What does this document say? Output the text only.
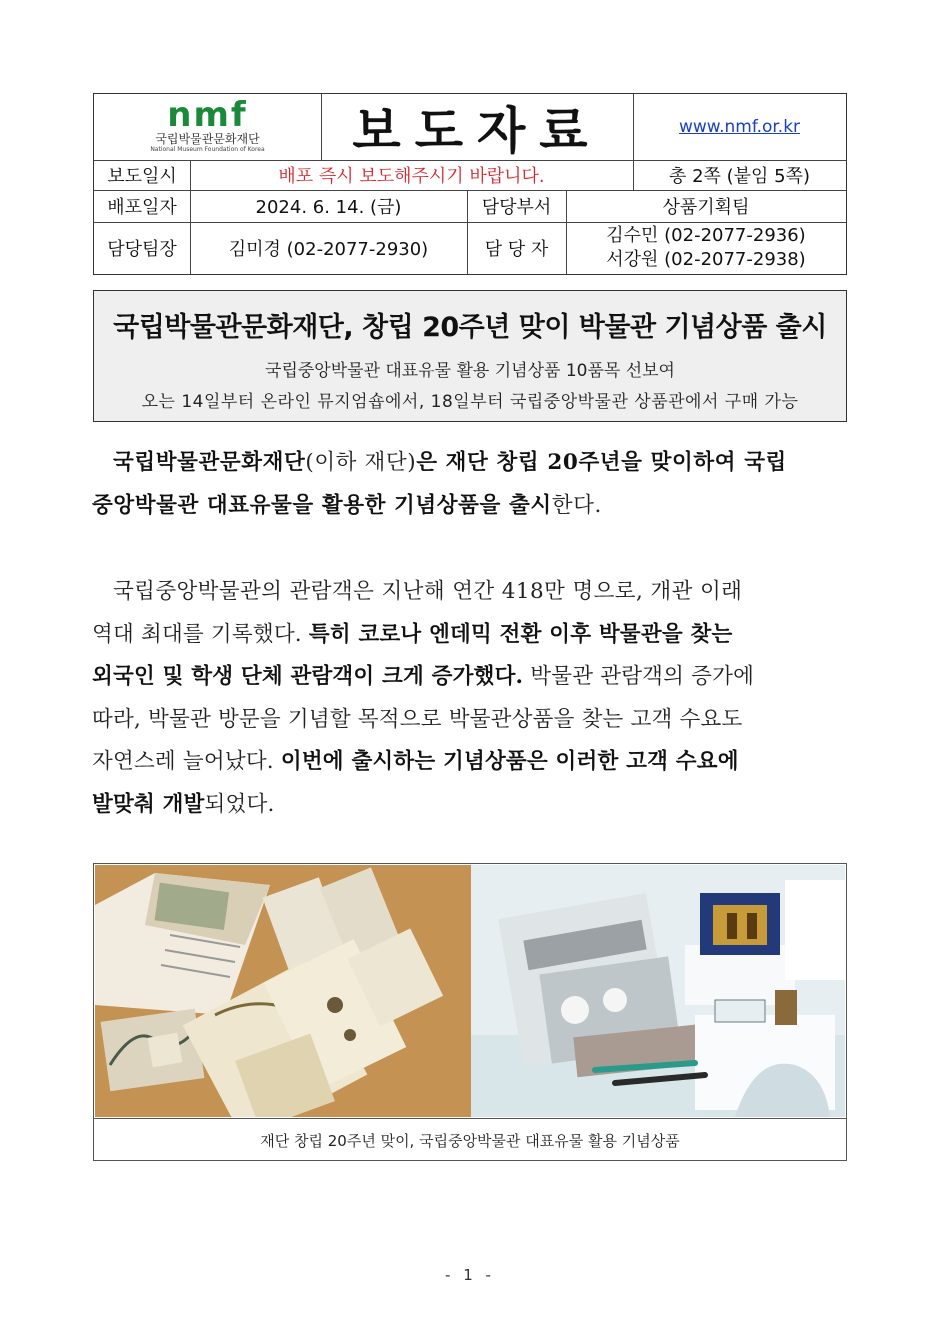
nmf
국립박물관문화재단
National Museum Foundation of Korea 보도자료	www.nmf.or.kr
보도일시	배포 즉시 보도해주시기 바랍니다.	총 2쪽 (붙임 5쪽)
배포일자	2024. 6. 14. (금)	담당부서	상품기획팀
담당팀장	김미경 (02-2077-2930)	담 당 자
김수민 (02-2077-2936)
서강원 (02-2077-2938)
국립박물관문화재단, 창립 20주년 맞이 박물관 기념상품 출시
국립중앙박물관 대표유물 활용 기념상품 10품목 선보여
오는 14일부터 온라인 뮤지엄숍에서, 18일부터 국립중앙박물관 상품관에서 구매 가능
국립박물관문화재단(이하 재단)은 재단 창립 20주년을 맞이하여 국립
중앙박물관 대표유물을 활용한 기념상품을 출시한다.
국립중앙박물관의 관람객은 지난해 연간 418만 명으로, 개관 이래
역대 최대를 기록했다. 특히 코로나 엔데믹 전환 이후 박물관을 찾는
외국인 및 학생 단체 관람객이 크게 증가했다. 박물관 관람객의 증가에
따라, 박물관 방문을 기념할 목적으로 박물관상품을 찾는 고객 수요도
자연스레 늘어났다. 이번에 출시하는 기념상품은 이러한 고객 수요에
발맞춰 개발되었다.
재단 창립 20주년 맞이, 국립중앙박물관 대표유물 활용 기념상품
- 1 -
